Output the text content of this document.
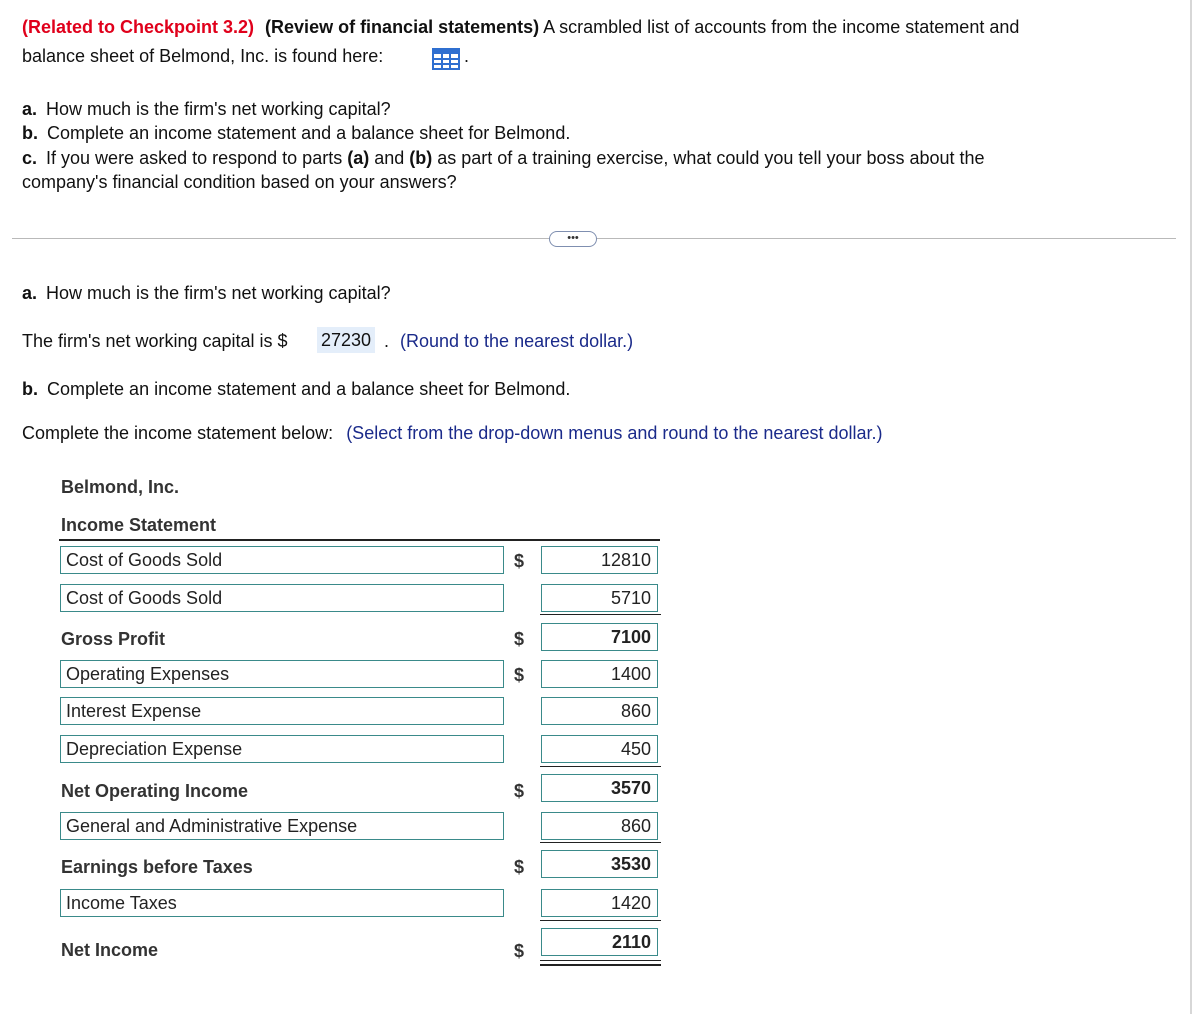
(Related to Checkpoint 3.2) (Review of financial statements) A scrambled list of accounts from the income statement and
balance sheet of Belmond, Inc. is found here:	.
a. How much is the firm's net working capital?
b. Complete an income statement and a balance sheet for Belmond.
c. If you were asked to respond to parts (a) and (b) as part of a training exercise, what could you tell your boss about the
company's financial condition based on your answers?
•••
a. How much is the firm's net working capital?
The firm's net working capital is $ 27230 . (Round to the nearest dollar.)
b. Complete an income statement and a balance sheet for Belmond.
Complete the income statement below: (Select from the drop-down menus and round to the nearest dollar.)
Belmond, Inc.
Income Statement
Cost of Goods Sold	$	12810
Cost of Goods Sold	5710
Gross Profit	$	7100
Operating Expenses	$	1400
Interest Expense	860
Depreciation Expense	450
Net Operating Income	$	3570
General and Administrative Expense	860
Earnings before Taxes	$	3530
Income Taxes	1420
Net Income	$	2110
